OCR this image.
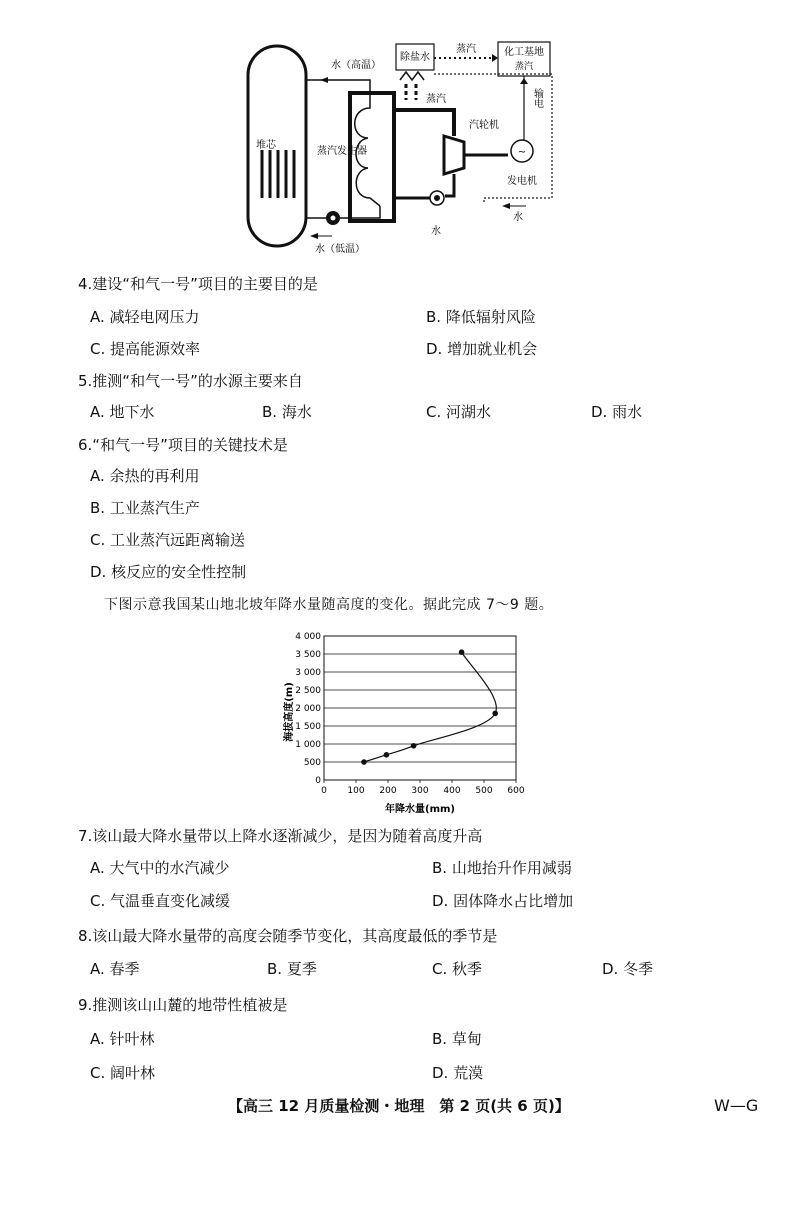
堆芯
~
除盐水	化工基地
蒸汽
蒸汽
输电
水（高温）
蒸汽发生器
蒸汽
汽轮机
发电机
水（低温）
水
水
4.建设“和气一号”项目的主要目的是
A. 减轻电网压力	B. 降低辐射风险
C. 提高能源效率	D. 增加就业机会
5.推测“和气一号”的水源主要来自
A. 地下水	B. 海水	C. 河湖水	D. 雨水
6.“和气一号”项目的关键技术是
A. 余热的再利用
B. 工业蒸汽生产
C. 工业蒸汽远距离输送
D. 核反应的安全性控制
下图示意我国某山地北坡年降水量随高度的变化。据此完成 7～9 题。
海拔高度(m)
年降水量(mm)
0
500
1 000
1 500
2 000
2 500
3 000
3 500
4 000
0 100 200 300 400 500 600
7.该山最大降水量带以上降水逐渐减少，是因为随着高度升高
A. 大气中的水汽减少	B. 山地抬升作用减弱
C. 气温垂直变化减缓	D. 固体降水占比增加
8.该山最大降水量带的高度会随季节变化，其高度最低的季节是
A. 春季	B. 夏季	C. 秋季	D. 冬季
9.推测该山山麓的地带性植被是
A. 针叶林	B. 草甸
C. 阔叶林	D. 荒漠
【高三 12 月质量检测・地理　第 2 页(共 6 页)】	W—G
